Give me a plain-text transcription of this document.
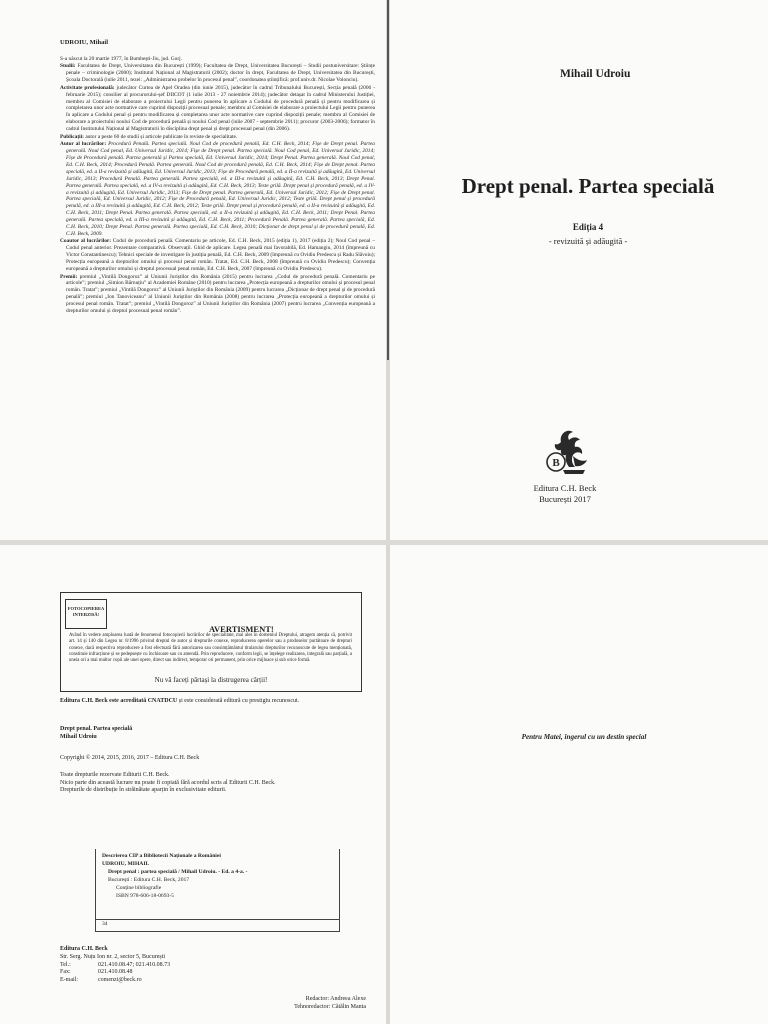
UDROIU, Mihail

S-a născut la 20 martie 1977, în Bumbești-Jiu, jud. Gorj.

Studii: Facultatea de Drept, Universitatea din București (1999); Facultatea de Drept, Universitatea București – Studii postuniversitare: Științe penale – criminologie (2000); Institutul Național al Magistraturii (2002); doctor în drept, Facultatea de Drept, Universitatea din București, Școala Doctorală (iulie 2011, tezei: „Administrarea probelor în procesul penal”, coordonatea științifică: prof.univ.dr. Nicolae Volonciu).

Activitate profesională: judecător Curtea de Apel Oradea (din iunie 2015), judecător în cadrul Tribunalului București, Secția penală (2006 - februarie 2015); consilier al procurorului-șef DIICOT (1 iulie 2013 - 27 noiembrie 2014); judecător detașat în cadrul Ministerului Justiției, membru al Comisiei de elaborare a proiectului Legii pentru punerea în aplicare a Codului de procedură penală și pentru modificarea și completarea unor acte normative care cuprind dispoziții procesual penale; membru al Comisiei de elaborare a proiectului Legii pentru punerea în aplicare a Codului penal și pentru modificarea și completarea unor acte normative care cuprind dispoziții penale; membru al Comisiei de elaborare a proiectului noului Cod de procedură penală și noului Cod penal (iulie 2007 - septembrie 2011); procuror (2003-2006); formator în cadrul Institutului Național al Magistraturii în disciplina drept penal și drept procesual penal (din 2006).

Publicații: autor a peste 60 de studii și articole publicate în reviste de specialitate.

Autor al lucrărilor: Procedură Penală. Partea specială. Noul Cod de procedură penală, Ed. C.H. Beck, 2014; Fișe de Drept penal. Partea generală. Noul Cod penal, Ed. Universul Juridic, 2014; Fișe de Drept penal. Partea specială. Noul Cod penal, Ed. Universul Juridic, 2014; Fișe de Procedură penală. Partea generală și Partea specială, Ed. Universul Juridic, 2014; Drept Penal. Partea generală. Noul Cod penal, Ed. C.H. Beck, 2014; Procedură Penală. Partea generală. Noul Cod de procedură penală, Ed. C.H. Beck, 2014; Fișe de Drept penal. Partea specială, ed. a II-a revizuită și adăugită, Ed. Universul Juridic, 2013; Fișe de Procedură penală, ed. a II-a revizuită și adăugită, Ed. Universul Juridic, 2013; Procedură Penală. Partea generală. Partea specială, ed. a III-a revizuită și adăugită, Ed. C.H. Beck, 2013; Drept Penal. Partea generală. Partea specială, ed. a IV-a revizuită și adăugită, Ed. C.H. Beck, 2013; Teste grilă. Drept penal și procedură penală, ed. a IV-a revizuită și adăugită, Ed. Universul Juridic, 2013; Fișe de Drept penal. Partea generală, Ed. Universul Juridic, 2012; Fișe de Drept penal. Partea specială, Ed. Universul Juridic, 2012; Fișe de Procedură penală, Ed. Universul Juridic, 2012; Teste grilă. Drept penal și procedură penală, ed. a III-a revizuită și adăugită, Ed. C.H. Beck, 2012; Teste grilă. Drept penal și procedură penală, ed. a II-a revizuită și adăugită, Ed. C.H. Beck, 2011; Drept Penal. Partea generală. Partea specială, ed. a II-a revizuită și adăugită, Ed. C.H. Beck, 2011; Drept Penal. Partea generală. Partea specială, ed. a III-a revizuită și adăugită, Ed. C.H. Beck, 2011; Procedură Penală. Partea generală. Partea specială, Ed. C.H. Beck, 2010; Drept Penal. Partea generală. Partea specială, Ed. C.H. Beck, 2010; Dicționar de drept penal și de procedură penală, Ed. C.H. Beck, 2009.

Coautor al lucrărilor: Codul de procedură penală. Comentariu pe articole, Ed. C.H. Beck, 2015 (ediția 1), 2017 (ediția 2); Noul Cod penal – Codul penal anterior. Prezentare comparativă. Observații. Ghid de aplicare. Legea penală mai favorabilă, Ed. Hamangiu, 2014 (împreună cu Victor Constantinescu); Tehnici speciale de investigare în justiția penală, Ed. C.H. Beck, 2009 (împreună cu Ovidiu Predescu și Radu Slăvoiu); Protecția europeană a drepturilor omului și procesul penal român. Tratat, Ed. C.H. Beck, 2008 (împreună cu Ovidiu Predescu); Convenția europeană a drepturilor omului și dreptul procesual penal român, Ed. C.H. Beck, 2007 (împreună cu Ovidiu Predescu).

Premii: premiul „Vintilă Dongoroz” al Uniunii Juriștilor din România (2015) pentru lucrarea „Codul de procedură penală. Comentariu pe articole”; premiul „Simion Bărnuțiu” al Academiei Române (2010) pentru lucrarea „Protecția europeană a drepturilor omului și procesul penal român. Tratat”; premiul „Vintilă Dongoroz” al Uniunii Juriștilor din România (2009) pentru lucrarea „Dicționar de drept penal și de procedură penală”; premiul „Ion Tanoviceanu” al Uniunii Juriștilor din România (2008) pentru lucrarea „Protecția europeană a drepturilor omului și procesul penal român. Tratat”; premiul „Vintilă Dongoroz” al Uniunii Juriștilor din România (2007) pentru lucrarea „Convenția europeană a drepturilor omului și dreptul procesual penal român”.

Mihail Udroiu
Drept penal. Partea specială
Ediția 4
- revizuită și adăugită -
B
Editura C.H. Beck
București 2017
FOTOCOPIEREA
INTERZISĂ!
AVERTISMENT!
Având în vedere amploarea luată de fenomenul fotocopierii lucrărilor de specialitate, mai ales în domeniul Dreptului, atragem atenția că, potrivit art. 14 și 140 din Legea nr. 8/1996 privind dreptul de autor și drepturile conexe, reproducerea operelor sau a produselor purtătoare de drepturi conexe, dacă respectiva reproducere a fost efectuată fără autorizarea sau consimțământul titularului drepturilor recunoscute de legea menționată, constituie infracțiune și se pedepsește cu închisoare sau cu amendă. Prin reproducere, conform legii, se înțelege realizarea, integrală sau parțială, a uneia ori a mai multor copii ale unei opere, direct sau indirect, temporar ori permanent, prin orice mijloace și sub orice formă.
Nu vă faceți părtași la distrugerea cărții!
Editura C.H. Beck este acreditată CNATDCU și este considerată editură cu prestigiu recunoscut.
Drept penal. Partea specială
Mihail Udroiu
Copyright © 2014, 2015, 2016, 2017 – Editura C.H. Beck
Toate drepturile rezervate Editurii C.H. Beck.
Nicio parte din această lucrare nu poate fi copiată fără acordul scris al Editurii C.H. Beck.
Drepturile de distribuție în străinătate aparțin în exclusivitate editurii.
Descrierea CIP a Bibliotecii Naționale a României
UDROIU, MIHAIL
Drept penal : partea specială / Mihail Udroiu. - Ed. a 4-a. -
București : Editura C.H. Beck, 2017
Conține bibliografie
ISBN 978-606-18-0693-5
34
Editura C.H. Beck
Str. Serg. Nuțu Ion nr. 2, sector 5, București
Tel.:	021.410.08.47; 021.410.08.73
Fax:	021.410.08.48
E-mail:	comenzi@beck.ro
Redactor: Andreea Alexe
Tehnoredactor: Cătălin Manta
Pentru Matei, îngerul cu un destin special
